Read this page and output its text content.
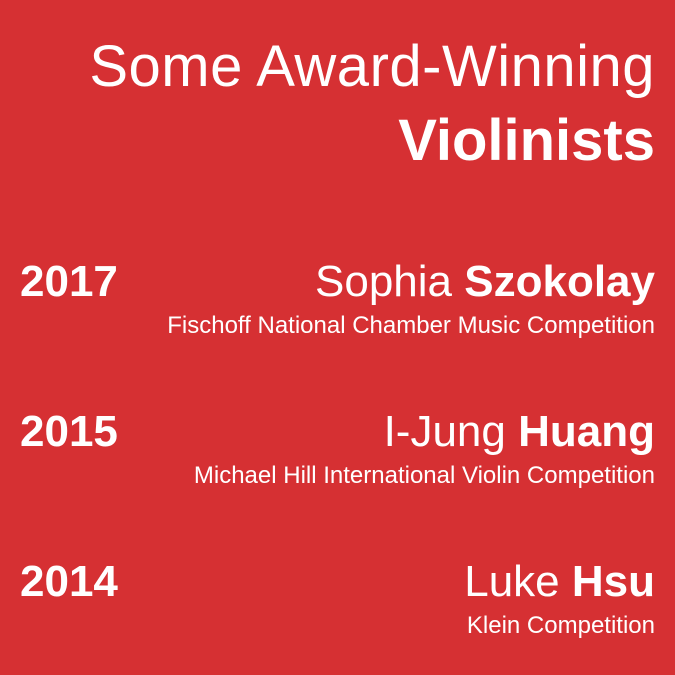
Some Award-Winning
Violinists
2017	Sophia Szokolay
Fischoff National Chamber Music Competition
2015	I-Jung Huang
Michael Hill International Violin Competition
2014	Luke Hsu
Klein Competition
